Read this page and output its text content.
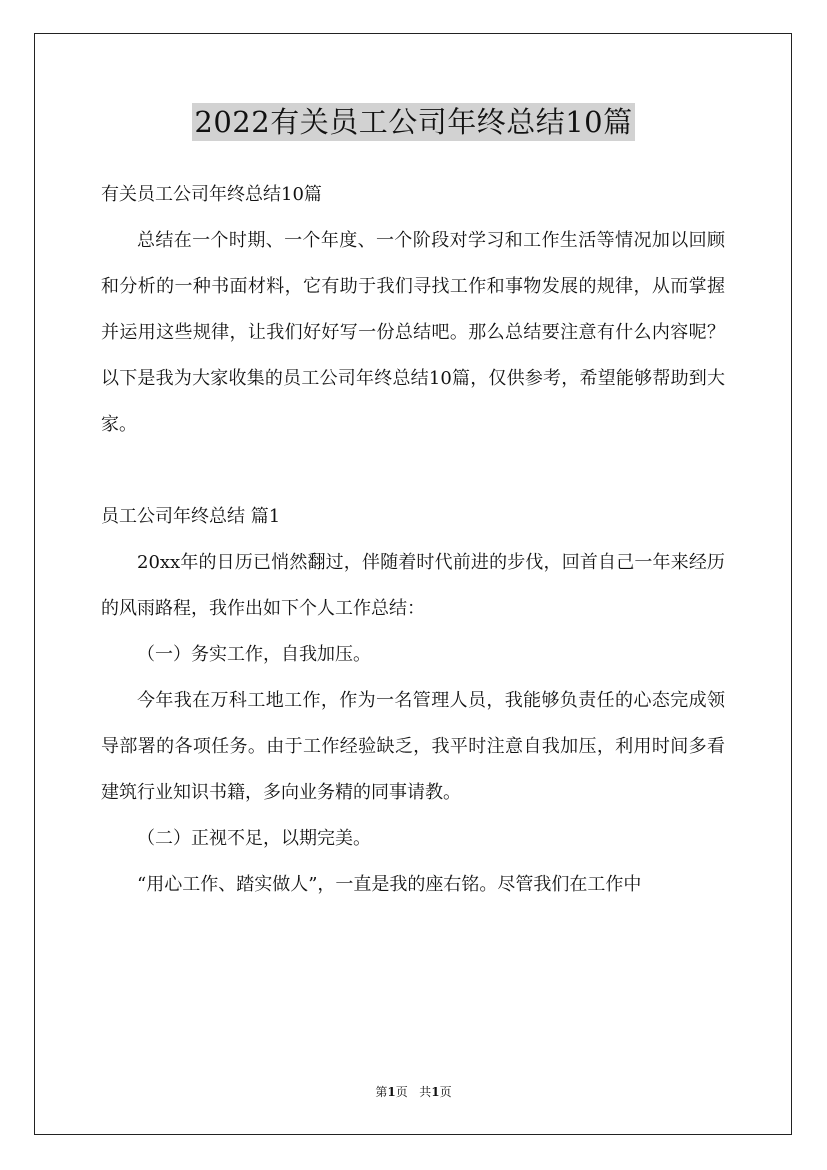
2022有关员工公司年终总结10篇

有关员工公司年终总结10篇

总结在一个时期、一个年度、一个阶段对学习和工作生活等情况加以回顾和分析的一种书面材料，它有助于我们寻找工作和事物发展的规律，从而掌握并运用这些规律，让我们好好写一份总结吧。那么总结要注意有什么内容呢？以下是我为大家收集的员工公司年终总结10篇，仅供参考，希望能够帮助到大家。

员工公司年终总结 篇1

20xx年的日历已悄然翻过，伴随着时代前进的步伐，回首自己一年来经历的风雨路程，我作出如下个人工作总结：

（一）务实工作，自我加压。

今年我在万科工地工作，作为一名管理人员，我能够负责任的心态完成领导部署的各项任务。由于工作经验缺乏，我平时注意自我加压，利用时间多看建筑行业知识书籍，多向业务精的同事请教。

（二）正视不足，以期完美。

“用心工作、踏实做人”，一直是我的座右铭。尽管我们在工作中

第1页 共1页
